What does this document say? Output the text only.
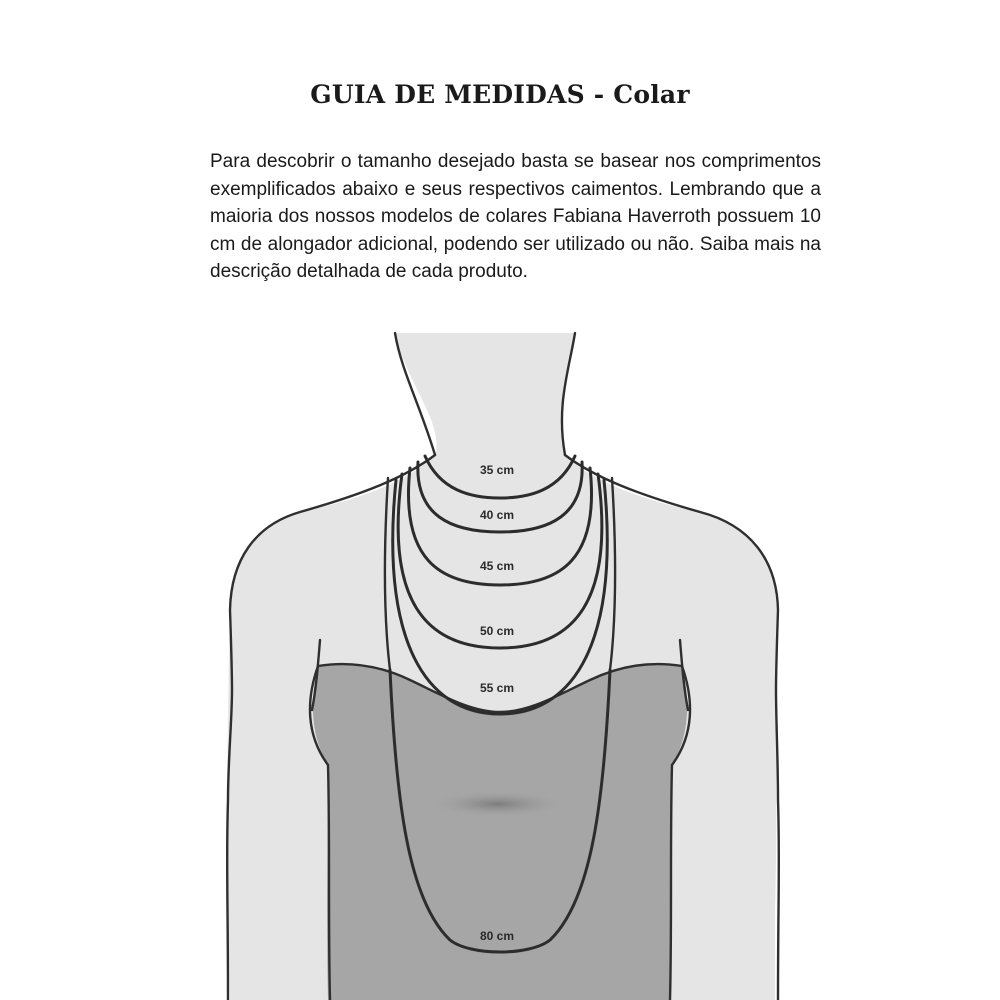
GUIA DE MEDIDAS - Colar

Para descobrir o tamanho desejado basta se basear nos comprimentos exemplificados abaixo e seus respectivos caimentos. Lembrando que a maioria dos nossos modelos de colares Fabiana Haverroth possuem 10 cm de alongador adicional, podendo ser utilizado ou não. Saiba mais na descrição detalhada de cada produto.

35 cm
40 cm
45 cm
50 cm
55 cm
80 cm
